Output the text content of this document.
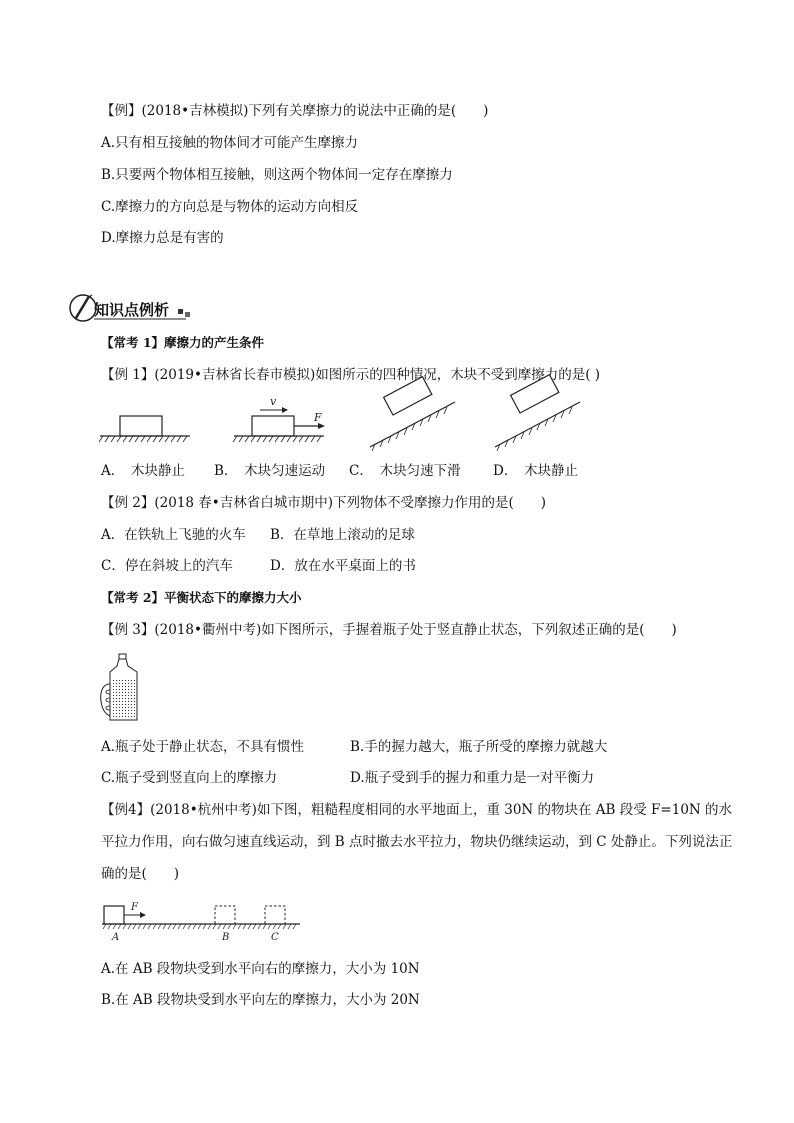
【例】(2018•吉林模拟)下列有关摩擦力的说法中正确的是(　　)
A.只有相互接触的物体间才可能产生摩擦力
B.只要两个物体相互接触，则这两个物体间一定存在摩擦力
C.摩擦力的方向总是与物体的运动方向相反
D.摩擦力总是有害的
知识点例析
【常考 1】摩擦力的产生条件
【例 1】(2019•吉林省长春市模拟)如图所示的四种情况，木块不受到摩擦力的是( )
v
F
A．　木块静止 B．　木块匀速运动 C．　木块匀速下滑 D．　木块静止
【例 2】(2018 春•吉林省白城市期中)下列物体不受摩擦力作用的是(　　)
A．在铁轨上飞驰的火车 B．在草地上滚动的足球
C．停在斜坡上的汽车	D．放在水平桌面上的书
【常考 2】平衡状态下的摩擦力大小
【例 3】(2018•衢州中考)如下图所示，手握着瓶子处于竖直静止状态，下列叙述正确的是(　　)
A.瓶子处于静止状态，不具有惯性	B.手的握力越大，瓶子所受的摩擦力就越大
C.瓶子受到竖直向上的摩擦力	D.瓶子受到手的握力和重力是一对平衡力
【例4】(2018•杭州中考)如下图，粗糙程度相同的水平地面上，重 30N 的物块在 AB 段受 F=10N 的水
平拉力作用，向右做匀速直线运动，到 B 点时撤去水平拉力，物块仍继续运动，到 C 处静止。下列说法正
确的是(　　)
F
A	B	C
A.在 AB 段物块受到水平向右的摩擦力，大小为 10N
B.在 AB 段物块受到水平向左的摩擦力，大小为 20N
